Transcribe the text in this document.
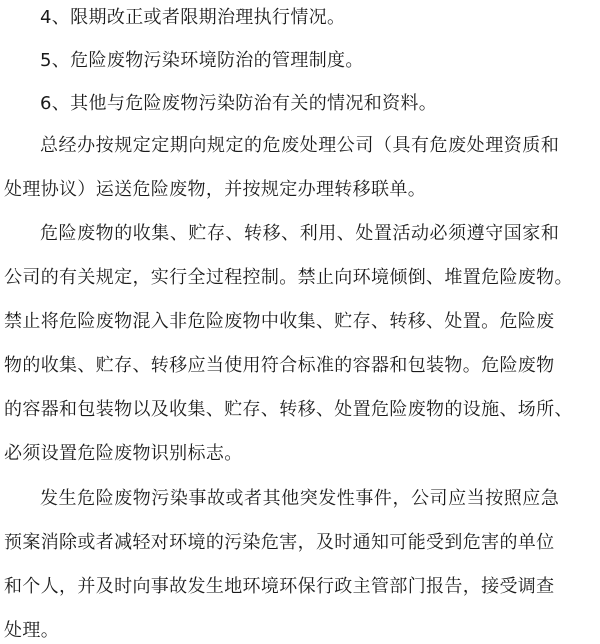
4、限期改正或者限期治理执行情况。
5、危险废物污染环境防治的管理制度。
6、其他与危险废物污染防治有关的情况和资料。
总经办按规定定期向规定的危废处理公司（具有危废处理资质和
处理协议）运送危险废物，并按规定办理转移联单。
危险废物的收集、贮存、转移、利用、处置活动必须遵守国家和
公司的有关规定，实行全过程控制。禁止向环境倾倒、堆置危险废物。
禁止将危险废物混入非危险废物中收集、贮存、转移、处置。危险废
物的收集、贮存、转移应当使用符合标准的容器和包装物。危险废物
的容器和包装物以及收集、贮存、转移、处置危险废物的设施、场所、
必须设置危险废物识别标志。
发生危险废物污染事故或者其他突发性事件，公司应当按照应急
预案消除或者减轻对环境的污染危害，及时通知可能受到危害的单位
和个人，并及时向事故发生地环境环保行政主管部门报告，接受调查
处理。
